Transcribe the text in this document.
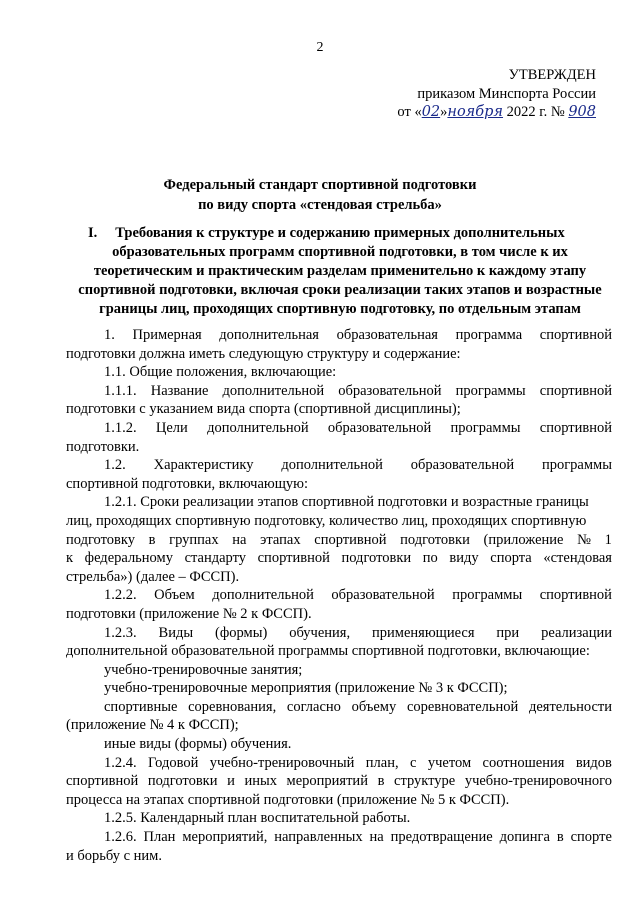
2
УТВЕРЖДЕН
приказом Минспорта России
от «02»ноября 2022 г. № 908
Федеральный стандарт спортивной подготовки
по виду спорта «стендовая стрельба»
I.	Требования к структуре и содержанию примерных дополнительных
образовательных программ спортивной подготовки, в том числе к их
теоретическим и практическим разделам применительно к каждому этапу
спортивной подготовки, включая сроки реализации таких этапов и возрастные
границы лиц, проходящих спортивную подготовку, по отдельным этапам
1. Примерная дополнительная образовательная программа спортивной
подготовки должна иметь следующую структуру и содержание:
1.1. Общие положения, включающие:
1.1.1. Название дополнительной образовательной программы спортивной
подготовки с указанием вида спорта (спортивной дисциплины);
1.1.2. Цели дополнительной образовательной программы спортивной
подготовки.
1.2. Характеристику дополнительной образовательной программы
спортивной подготовки, включающую:
1.2.1. Сроки реализации этапов спортивной подготовки и возрастные границы
лиц, проходящих спортивную подготовку, количество лиц, проходящих спортивную
подготовку в группах на этапах спортивной подготовки (приложение № 1
к федеральному стандарту спортивной подготовки по виду спорта «стендовая
стрельба») (далее – ФССП).
1.2.2. Объем дополнительной образовательной программы спортивной
подготовки (приложение № 2 к ФССП).
1.2.3. Виды (формы) обучения, применяющиеся при реализации
дополнительной образовательной программы спортивной подготовки, включающие:
учебно-тренировочные занятия;
учебно-тренировочные мероприятия (приложение № 3 к ФССП);
спортивные соревнования, согласно объему соревновательной деятельности
(приложение № 4 к ФССП);
иные виды (формы) обучения.
1.2.4. Годовой учебно-тренировочный план, с учетом соотношения видов
спортивной подготовки и иных мероприятий в структуре учебно-тренировочного
процесса на этапах спортивной подготовки (приложение № 5 к ФССП).
1.2.5. Календарный план воспитательной работы.
1.2.6. План мероприятий, направленных на предотвращение допинга в спорте
и борьбу с ним.
